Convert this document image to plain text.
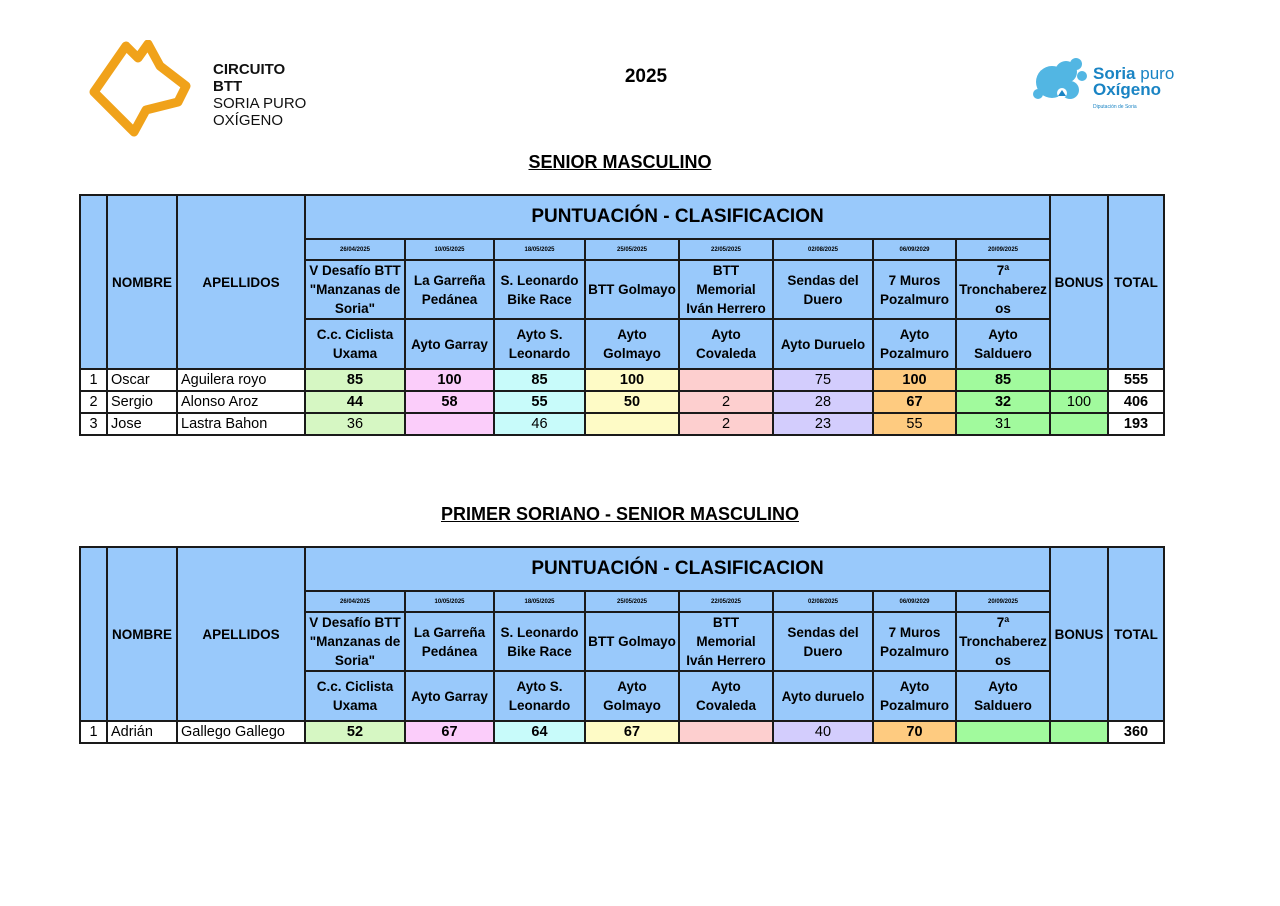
CIRCUITO
BTT
SORIA PURO
OXÍGENO
2025	Soria puro
Oxígeno
Diputación de Soria
SENIOR MASCULINO
	NOMBRE	APELLIDOS	PUNTUACIÓN - CLASIFICACION								BONUS	TOTAL
			26/04/2025	10/05/2025	18/05/2025	25/05/2025	22/05/2025	02/08/2025	06/09/2029	20/09/2025		
			V Desafío BTT
"Manzanas de
Soria"	La Garreña
Pedánea	S. Leonardo
Bike Race	BTT Golmayo	BTT
Memorial
Iván Herrero	Sendas del
Duero	7 Muros
Pozalmuro	7ª
Tronchaberez
os		
			C.c. Ciclista
Uxama	Ayto Garray	Ayto S.
Leonardo	Ayto
Golmayo	Ayto
Covaleda	Ayto Duruelo	Ayto
Pozalmuro	Ayto
Salduero		
1	Oscar	Aguilera royo	85	100	85	100		75	100	85		555
2	Sergio	Alonso Aroz	44	58	55	50	2	28	67	32	100	406
3	Jose	Lastra Bahon	36		46		2	23	55	31		193
PRIMER SORIANO - SENIOR MASCULINO
	NOMBRE	APELLIDOS	PUNTUACIÓN - CLASIFICACION								BONUS	TOTAL
			26/04/2025	10/05/2025	18/05/2025	25/05/2025	22/05/2025	02/08/2025	06/09/2029	20/09/2025		
			V Desafío BTT
"Manzanas de
Soria"	La Garreña
Pedánea	S. Leonardo
Bike Race	BTT Golmayo	BTT
Memorial
Iván Herrero	Sendas del
Duero	7 Muros
Pozalmuro	7ª
Tronchaberez
os		
			C.c. Ciclista
Uxama	Ayto Garray	Ayto S.
Leonardo	Ayto
Golmayo	Ayto
Covaleda	Ayto duruelo	Ayto
Pozalmuro	Ayto
Salduero		
1	Adrián	Gallego Gallego	52	67	64	67		40	70			360
